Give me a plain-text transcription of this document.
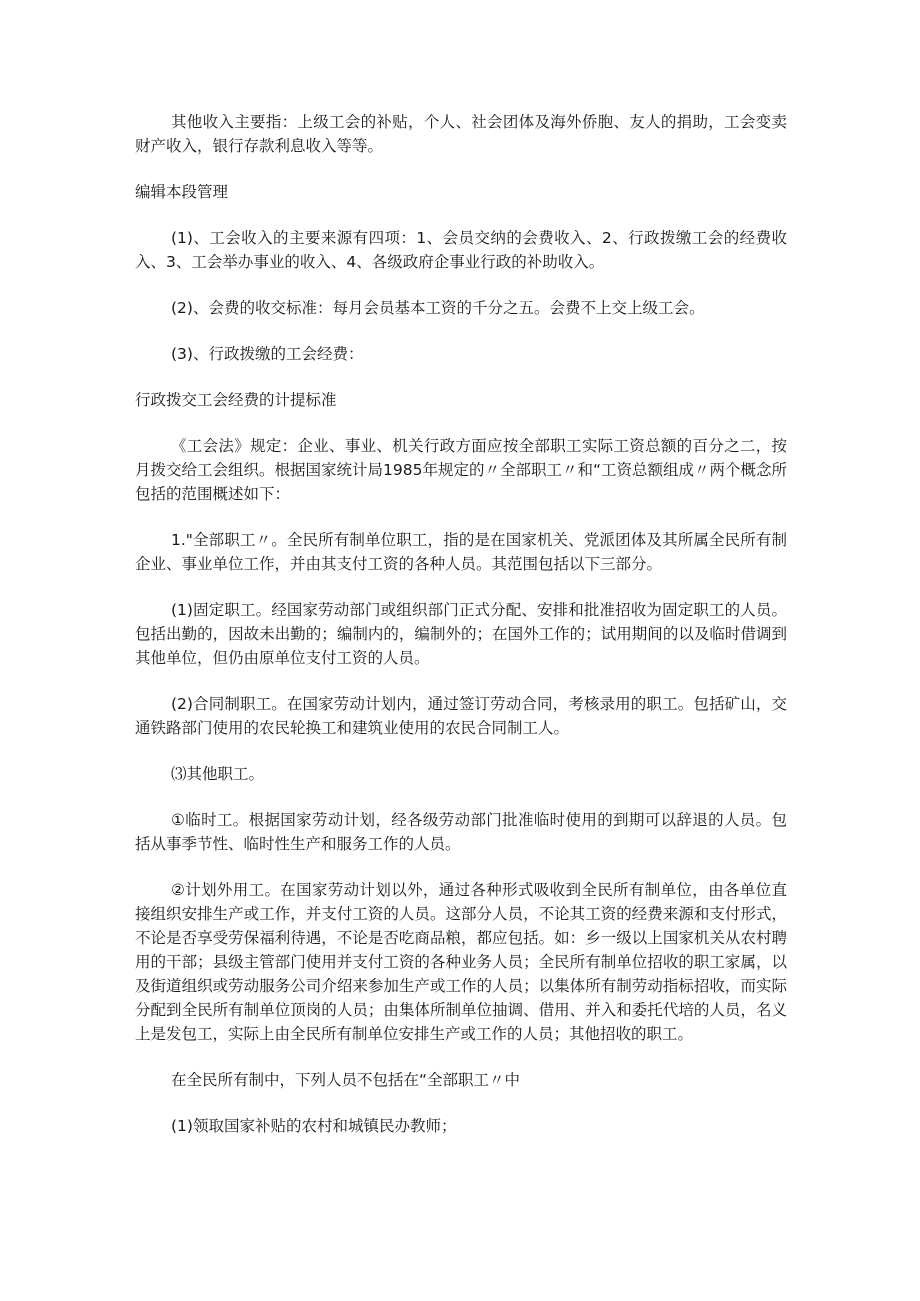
其他收入主要指：上级工会的补贴，个人、社会团体及海外侨胞、友人的捐助，工会变卖财产收入，银行存款利息收入等等。

编辑本段管理

(1)、工会收入的主要来源有四项：1、会员交纳的会费收入、2、行政拨缴工会的经费收入、3、工会举办事业的收入、4、各级政府企事业行政的补助收入。

(2)、会费的收交标准：每月会员基本工资的千分之五。会费不上交上级工会。

(3)、行政拨缴的工会经费：

行政拨交工会经费的计提标准

《工会法》规定：企业、事业、机关行政方面应按全部职工实际工资总额的百分之二，按月拨交给工会组织。根据国家统计局1985年规定的〃全部职工〃和“工资总额组成〃两个概念所包括的范围概述如下：

1."全部职工〃。全民所有制单位职工，指的是在国家机关、党派团体及其所属全民所有制企业、事业单位工作，并由其支付工资的各种人员。其范围包括以下三部分。

(1)固定职工。经国家劳动部门或组织部门正式分配、安排和批准招收为固定职工的人员。包括出勤的，因故未出勤的；编制内的，编制外的；在国外工作的；试用期间的以及临时借调到其他单位，但仍由原单位支付工资的人员。

(2)合同制职工。在国家劳动计划内，通过签订劳动合同，考核录用的职工。包括矿山，交通铁路部门使用的农民轮换工和建筑业使用的农民合同制工人。

⑶其他职工。

①临时工。根据国家劳动计划，经各级劳动部门批准临时使用的到期可以辞退的人员。包括从事季节性、临时性生产和服务工作的人员。

②计划外用工。在国家劳动计划以外，通过各种形式吸收到全民所有制单位，由各单位直接组织安排生产或工作，并支付工资的人员。这部分人员，不论其工资的经费来源和支付形式，不论是否享受劳保福利待遇，不论是否吃商品粮，都应包括。如：乡一级以上国家机关从农村聘用的干部；县级主管部门使用并支付工资的各种业务人员；全民所有制单位招收的职工家属，以及街道组织或劳动服务公司介绍来参加生产或工作的人员；以集体所有制劳动指标招收，而实际分配到全民所有制单位顶岗的人员；由集体所制单位抽调、借用、并入和委托代培的人员，名义上是发包工，实际上由全民所有制单位安排生产或工作的人员；其他招收的职工。

在全民所有制中，下列人员不包括在“全部职工〃中

(1)领取国家补贴的农村和城镇民办教师；
